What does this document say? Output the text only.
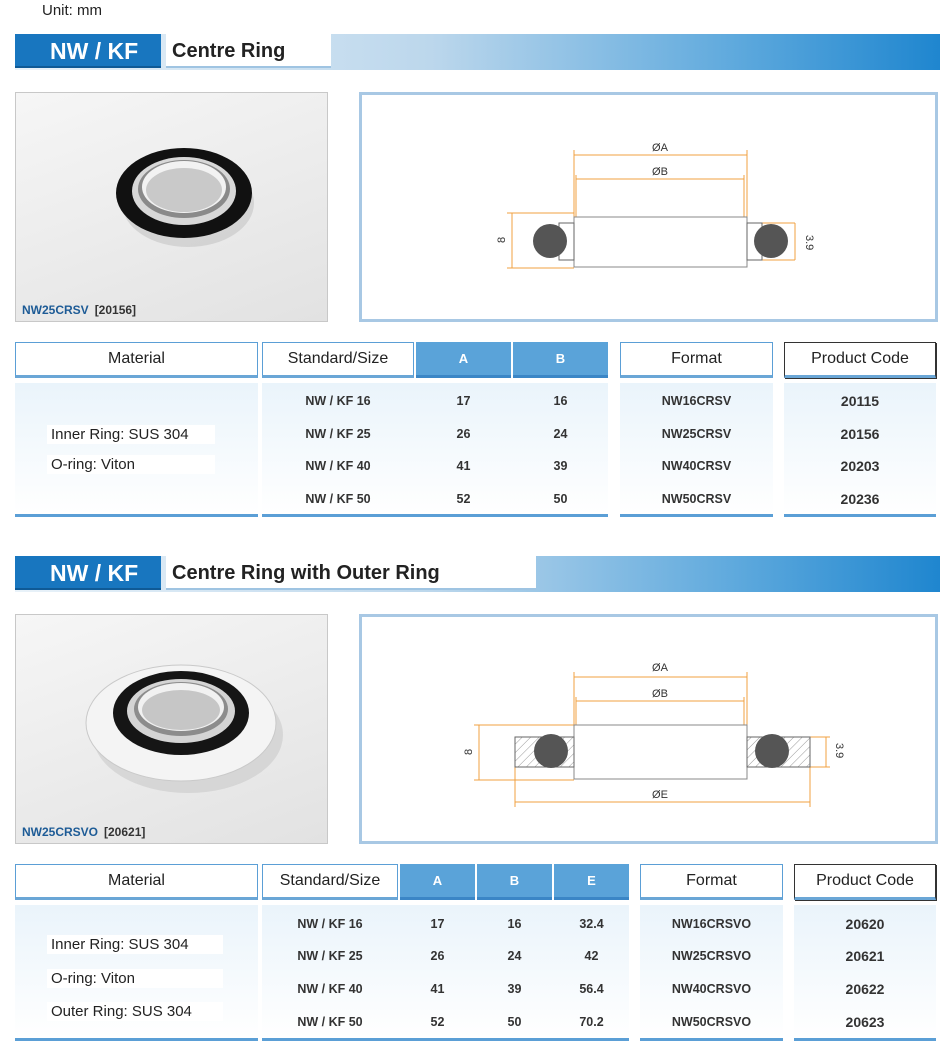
Unit: mm
NW / KF	Centre Ring
NW25CRSV [20156]
ØA
ØB
8	3.9
Material	Standard/Size	A	B	Format	Product Code
Inner Ring: SUS 304
O-ring: Viton
NW / KF 16	17	16	NW16CRSV	20115
NW / KF 25	26	24	NW25CRSV	20156
NW / KF 40	41	39	NW40CRSV	20203
NW / KF 50	52	50	NW50CRSV	20236
NW / KF	Centre Ring with Outer Ring
NW25CRSVO [20621]
ØA
ØB
ØE
8	3.9
Material	Standard/Size	A	B	E	Format	Product Code
Inner Ring: SUS 304
O-ring: Viton
Outer Ring: SUS 304
NW / KF 16	17	16	32.4	NW16CRSVO	20620
NW / KF 25	26	24	42	NW25CRSVO	20621
NW / KF 40	41	39	56.4	NW40CRSVO	20622
NW / KF 50	52	50	70.2	NW50CRSVO	20623
